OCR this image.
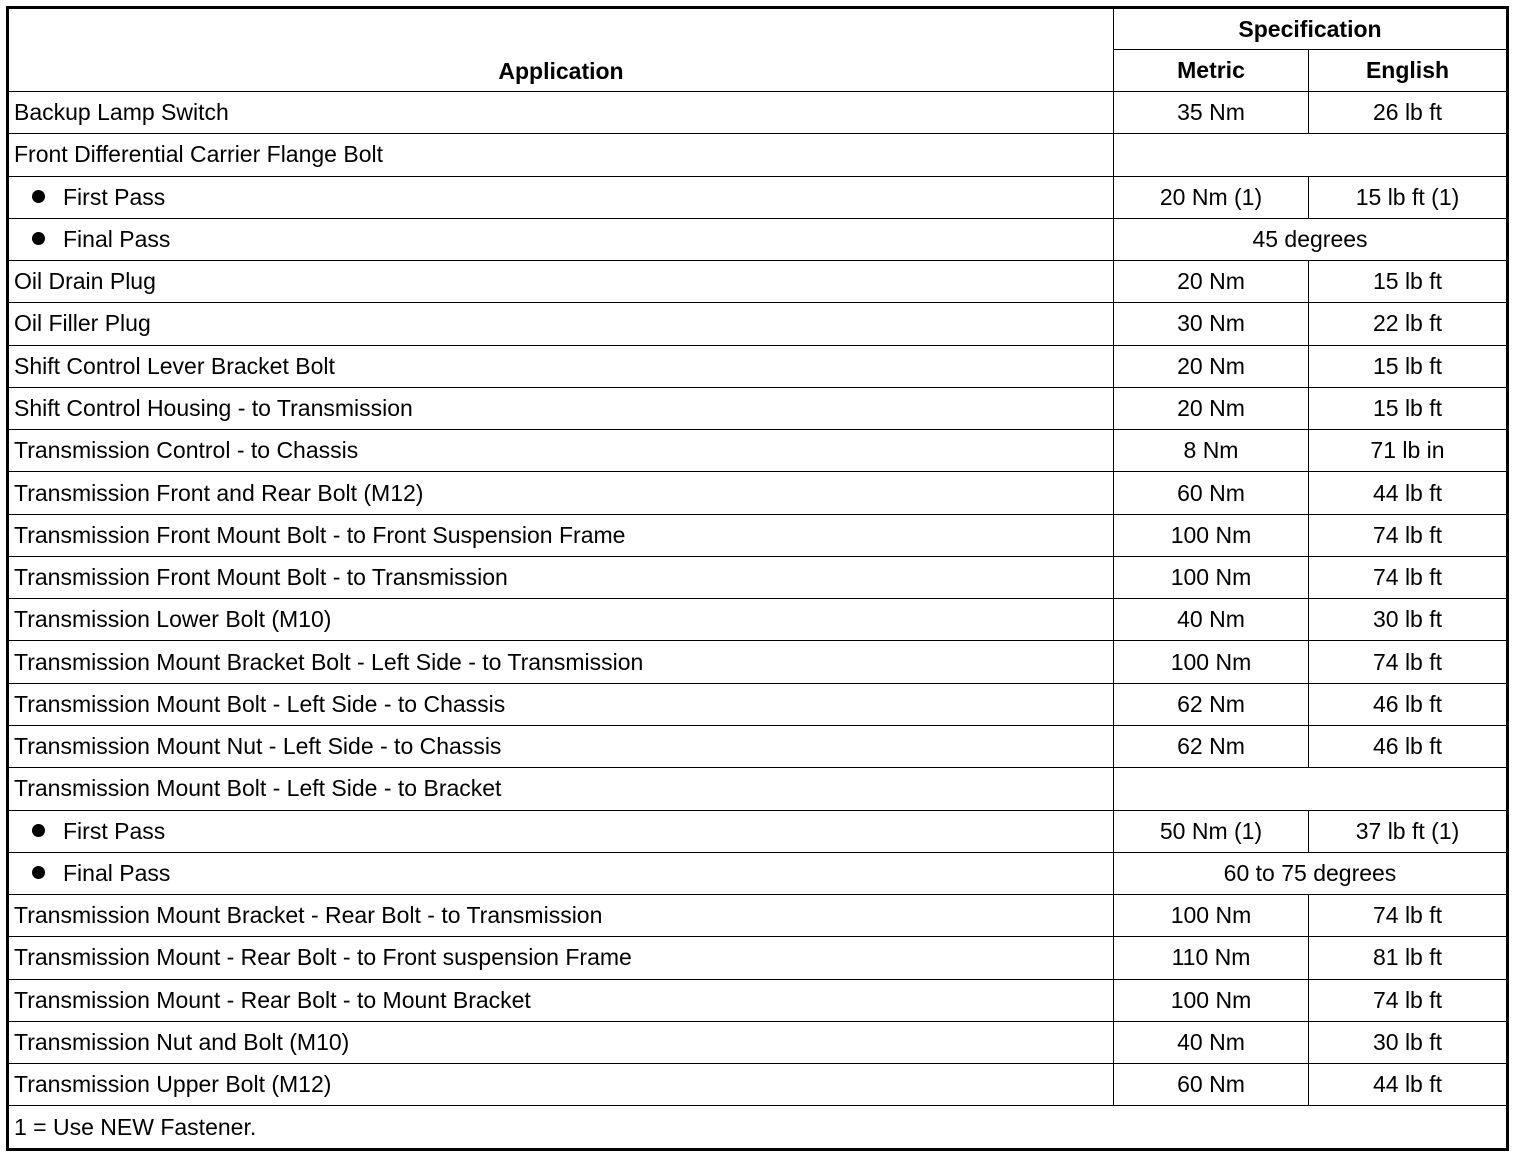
Application	Specification	
	Metric	English
Backup Lamp Switch	35 Nm	26 lb ft
Front Differential Carrier Flange Bolt		
First Pass	20 Nm (1)	15 lb ft (1)
Final Pass	45 degrees	
Oil Drain Plug	20 Nm	15 lb ft
Oil Filler Plug	30 Nm	22 lb ft
Shift Control Lever Bracket Bolt	20 Nm	15 lb ft
Shift Control Housing - to Transmission	20 Nm	15 lb ft
Transmission Control - to Chassis	8 Nm	71 lb in
Transmission Front and Rear Bolt (M12)	60 Nm	44 lb ft
Transmission Front Mount Bolt - to Front Suspension Frame	100 Nm	74 lb ft
Transmission Front Mount Bolt - to Transmission	100 Nm	74 lb ft
Transmission Lower Bolt (M10)	40 Nm	30 lb ft
Transmission Mount Bracket Bolt - Left Side - to Transmission	100 Nm	74 lb ft
Transmission Mount Bolt - Left Side - to Chassis	62 Nm	46 lb ft
Transmission Mount Nut - Left Side - to Chassis	62 Nm	46 lb ft
Transmission Mount Bolt - Left Side - to Bracket		
First Pass	50 Nm (1)	37 lb ft (1)
Final Pass	60 to 75 degrees	
Transmission Mount Bracket - Rear Bolt - to Transmission	100 Nm	74 lb ft
Transmission Mount - Rear Bolt - to Front suspension Frame	110 Nm	81 lb ft
Transmission Mount - Rear Bolt - to Mount Bracket	100 Nm	74 lb ft
Transmission Nut and Bolt (M10)	40 Nm	30 lb ft
Transmission Upper Bolt (M12)	60 Nm	44 lb ft
1 = Use NEW Fastener.		
